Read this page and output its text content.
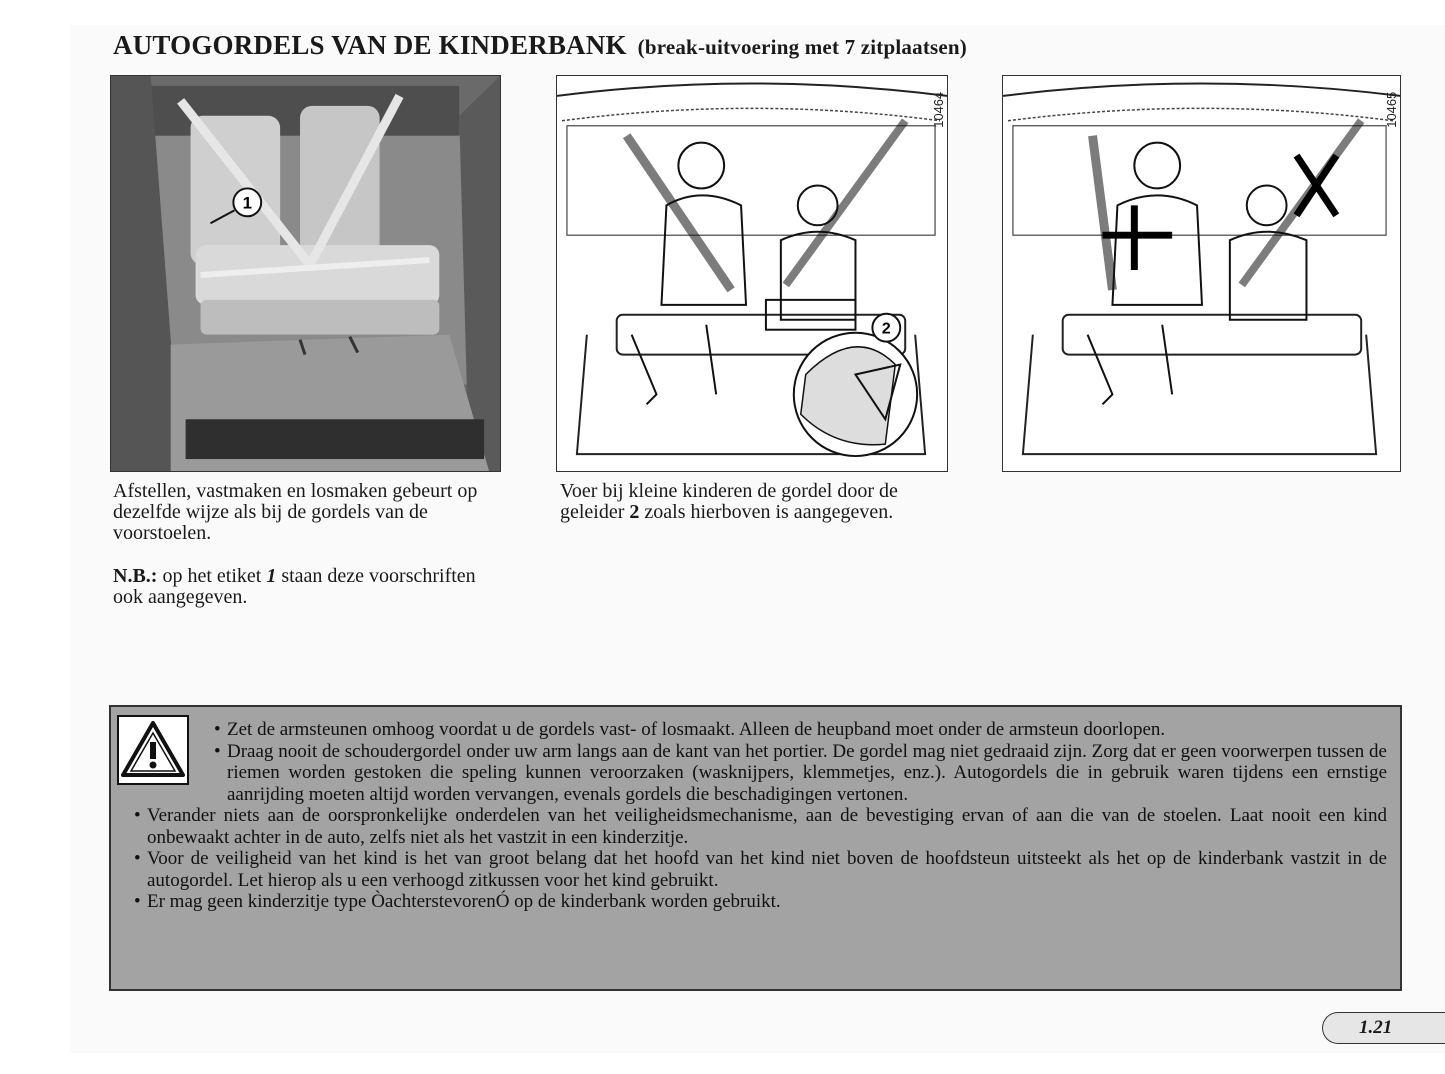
AUTOGORDELS VAN DE KINDERBANK (break-uitvoering met 7 zitplaatsen)
1
2
10464	10465

Afstellen, vastmaken en losmaken gebeurt op dezelfde wijze als bij de gordels van de voorstoelen.

N.B.: op het etiket 1 staan deze voorschriften ook aangegeven.

Voer bij kleine kinderen de gordel door de geleider 2 zoals hierboven is aangegeven.

• Zet de armsteunen omhoog voordat u de gordels vast- of losmaakt. Alleen de heupband moet onder de armsteun doorlopen.
• Draag nooit de schoudergordel onder uw arm langs aan de kant van het portier. De gordel mag niet gedraaid zijn. Zorg dat er geen voorwerpen tussen de riemen worden gestoken die speling kunnen veroorzaken (wasknijpers, klemmetjes, enz.). Autogordels die in gebruik waren tijdens een ernstige aanrijding moeten altijd worden vervangen, evenals gordels die beschadigingen vertonen.
• Verander niets aan de oorspronkelijke onderdelen van het veiligheidsmechanisme, aan de bevestiging ervan of aan die van de stoelen. Laat nooit een kind onbewaakt achter in de auto, zelfs niet als het vastzit in een kinderzitje.
• Voor de veiligheid van het kind is het van groot belang dat het hoofd van het kind niet boven de hoofdsteun uitsteekt als het op de kinderbank vastzit in de autogordel. Let hierop als u een verhoogd zitkussen voor het kind gebruikt.
• Er mag geen kinderzitje type ÒachterstevorenÓ op de kinderbank worden gebruikt.
1.21
